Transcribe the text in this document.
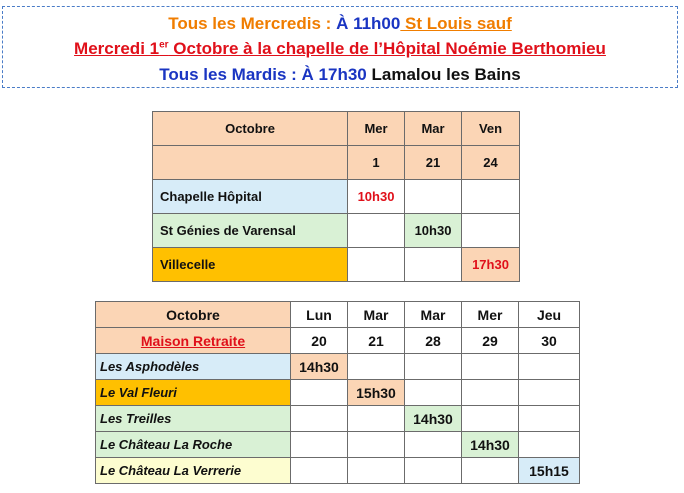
Tous les Mercredis : À 11h00 St Louis sauf
Mercredi 1er Octobre à la chapelle de l’Hôpital Noémie Berthomieu
Tous les Mardis : À 17h30 Lamalou les Bains
Octobre	Mer	Mar	Ven
	1	21	24
Chapelle Hôpital	10h30		
St Génies de Varensal		10h30	
Villecelle			17h30
Octobre	Lun	Mar	Mar	Mer	Jeu
Maison Retraite	20	21	28	29	30
Les Asphodèles	14h30				
Le Val Fleuri		15h30			
Les Treilles			14h30		
Le Château La Roche				14h30	
Le Château La Verrerie					15h15
